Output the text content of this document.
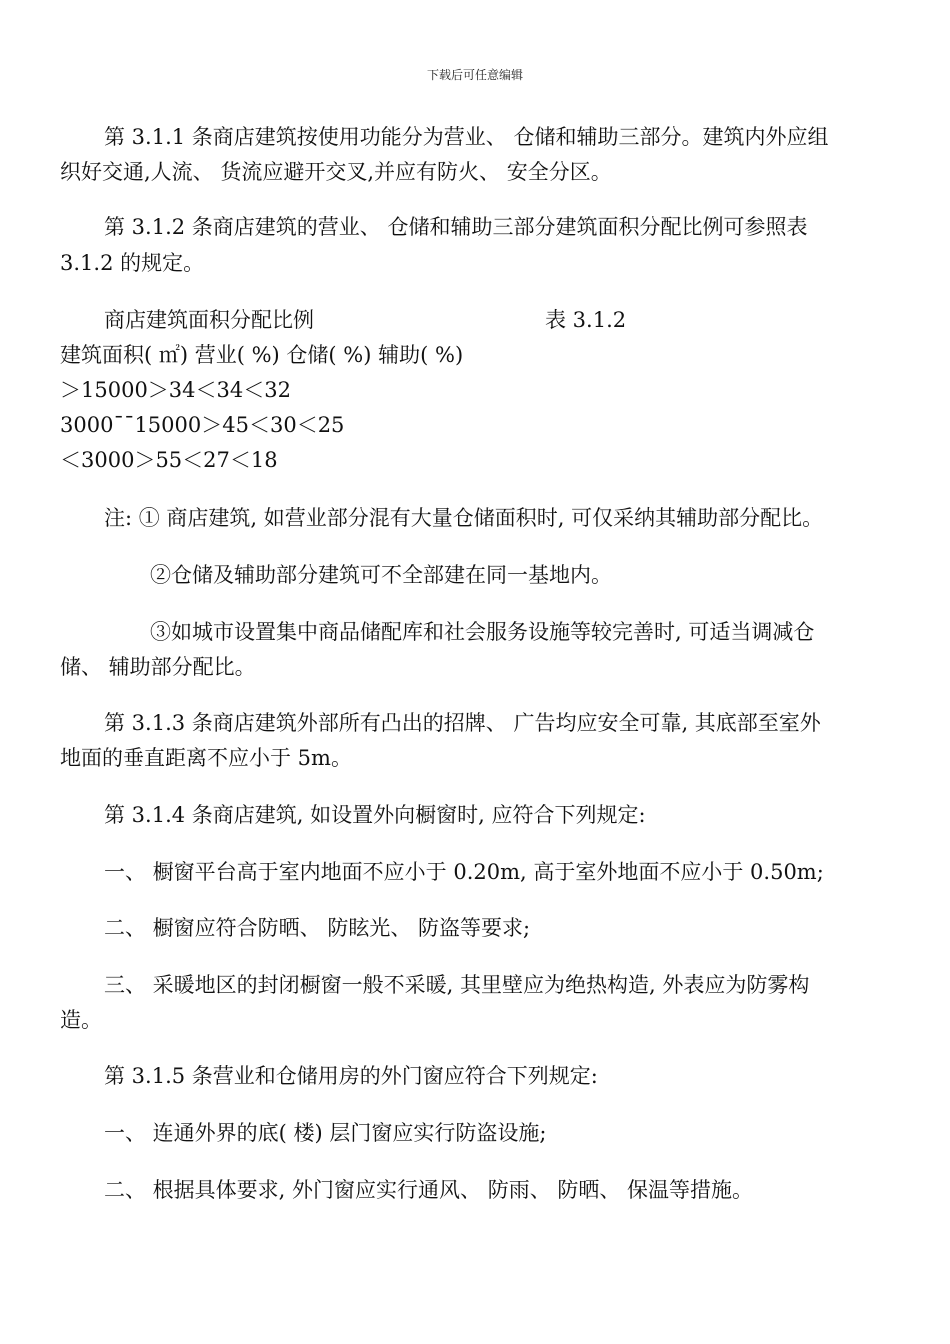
下载后可任意编辑
第 3.1.1 条商店建筑按使用功能分为营业、 仓储和辅助三部分。建筑内外应组
织好交通,人流、 货流应避开交叉,并应有防火、 安全分区。
第 3.1.2 条商店建筑的营业、 仓储和辅助三部分建筑面积分配比例可参照表
3.1.2 的规定。
商店建筑面积分配比例	表 3.1.2
建筑面积( ㎡) 营业( %) 仓储( %) 辅助( %)
＞15000＞34＜34＜32
3000¯¯15000＞45＜30＜25
＜3000＞55＜27＜18
注: ① 商店建筑, 如营业部分混有大量仓储面积时, 可仅采纳其辅助部分配比。
②仓储及辅助部分建筑可不全部建在同一基地内。
③如城市设置集中商品储配库和社会服务设施等较完善时, 可适当调减仓
储、 辅助部分配比。
第 3.1.3 条商店建筑外部所有凸出的招牌、 广告均应安全可靠, 其底部至室外
地面的垂直距离不应小于 5m。
第 3.1.4 条商店建筑, 如设置外向橱窗时, 应符合下列规定:
一、 橱窗平台高于室内地面不应小于 0.20m, 高于室外地面不应小于 0.50m;
二、 橱窗应符合防晒、 防眩光、 防盗等要求;
三、 采暖地区的封闭橱窗一般不采暖, 其里壁应为绝热构造, 外表应为防雾构
造。
第 3.1.5 条营业和仓储用房的外门窗应符合下列规定:
一、 连通外界的底( 楼) 层门窗应实行防盗设施;
二、 根据具体要求, 外门窗应实行通风、 防雨、 防晒、 保温等措施。
